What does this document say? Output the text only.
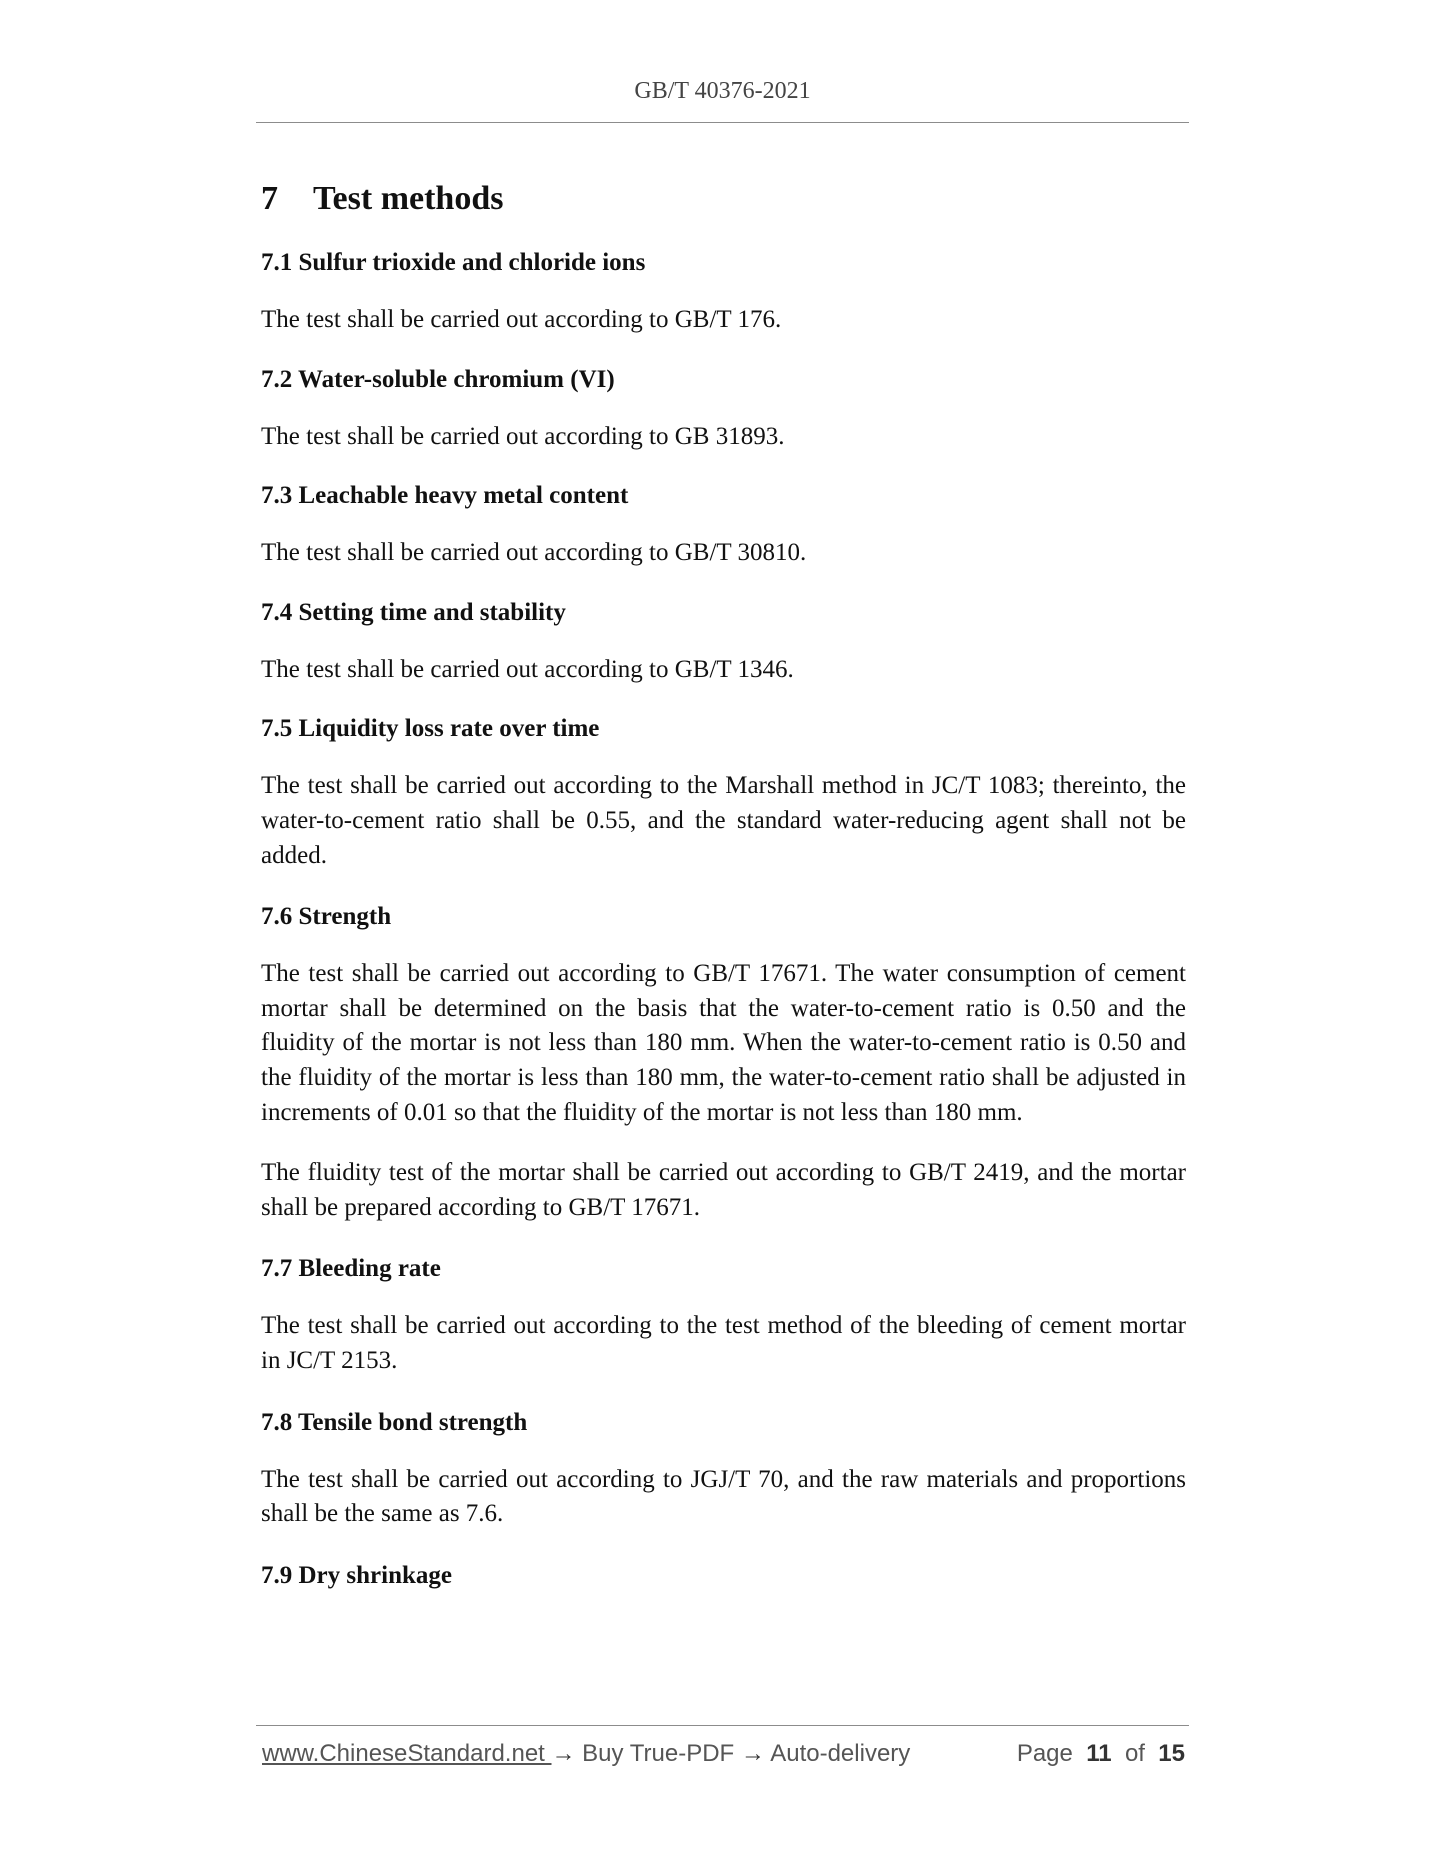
GB/T 40376-2021
7	Test methods
7.1 Sulfur trioxide and chloride ions

The test shall be carried out according to GB/T 176.

7.2 Water-soluble chromium (VI)

The test shall be carried out according to GB 31893.

7.3 Leachable heavy metal content

The test shall be carried out according to GB/T 30810.

7.4 Setting time and stability

The test shall be carried out according to GB/T 1346.

7.5 Liquidity loss rate over time

The test shall be carried out according to the Marshall method in JC/T 1083; thereinto, the water-to-cement ratio shall be 0.55, and the standard water-reducing agent shall not be added.

7.6 Strength

The test shall be carried out according to GB/T 17671. The water consumption of cement mortar shall be determined on the basis that the water-to-cement ratio is 0.50 and the fluidity of the mortar is not less than 180 mm. When the water-to-cement ratio is 0.50 and the fluidity of the mortar is less than 180 mm, the water-to-cement ratio shall be adjusted in increments of 0.01 so that the fluidity of the mortar is not less than 180 mm.

The fluidity test of the mortar shall be carried out according to GB/T 2419, and the mortar shall be prepared according to GB/T 17671.

7.7 Bleeding rate

The test shall be carried out according to the test method of the bleeding of cement mortar in JC/T 2153.

7.8 Tensile bond strength

The test shall be carried out according to JGJ/T 70, and the raw materials and proportions shall be the same as 7.6.

7.9 Dry shrinkage
www.ChineseStandard.net → Buy True-PDF → Auto-delivery	Page 11 of 15
